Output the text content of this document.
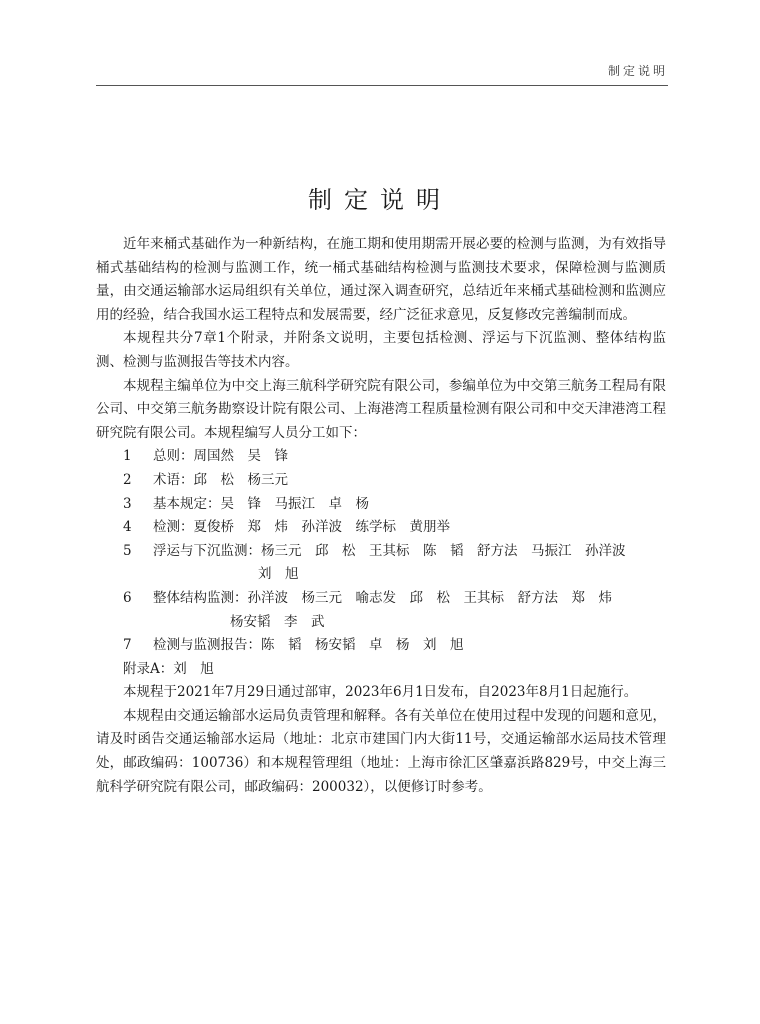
制定说明
制定说明

近年来桶式基础作为一种新结构，在施工期和使用期需开展必要的检测与监测，为有效指导桶式基础结构的检测与监测工作，统一桶式基础结构检测与监测技术要求，保障检测与监测质量，由交通运输部水运局组织有关单位，通过深入调查研究，总结近年来桶式基础检测和监测应用的经验，结合我国水运工程特点和发展需要，经广泛征求意见，反复修改完善编制而成。

本规程共分7章1个附录，并附条文说明，主要包括检测、浮运与下沉监测、整体结构监测、检测与监测报告等技术内容。

本规程主编单位为中交上海三航科学研究院有限公司，参编单位为中交第三航务工程局有限公司、中交第三航务勘察设计院有限公司、上海港湾工程质量检测有限公司和中交天津港湾工程研究院有限公司。本规程编写人员分工如下：

1 总则：周国然　吴　锋
2 术语：邱　松　杨三元
3 基本规定：吴　锋　马振江　卓　杨
4 检测：夏俊桥　郑　炜　孙洋波　练学标　黄朋举
5 浮运与下沉监测：杨三元　邱　松　王其标　陈　韬　舒方法　马振江　孙洋波
刘　旭
6 整体结构监测：孙洋波　杨三元　喻志发　邱　松　王其标　舒方法　郑　炜
杨安韬　李　武
7 检测与监测报告：陈　韬　杨安韬　卓　杨　刘　旭
附录A：刘　旭

本规程于2021年7月29日通过部审，2023年6月1日发布，自2023年8月1日起施行。

本规程由交通运输部水运局负责管理和解释。各有关单位在使用过程中发现的问题和意见，请及时函告交通运输部水运局（地址：北京市建国门内大街11号，交通运输部水运局技术管理处，邮政编码：100736）和本规程管理组（地址：上海市徐汇区肇嘉浜路829号，中交上海三航科学研究院有限公司，邮政编码：200032），以便修订时参考。
